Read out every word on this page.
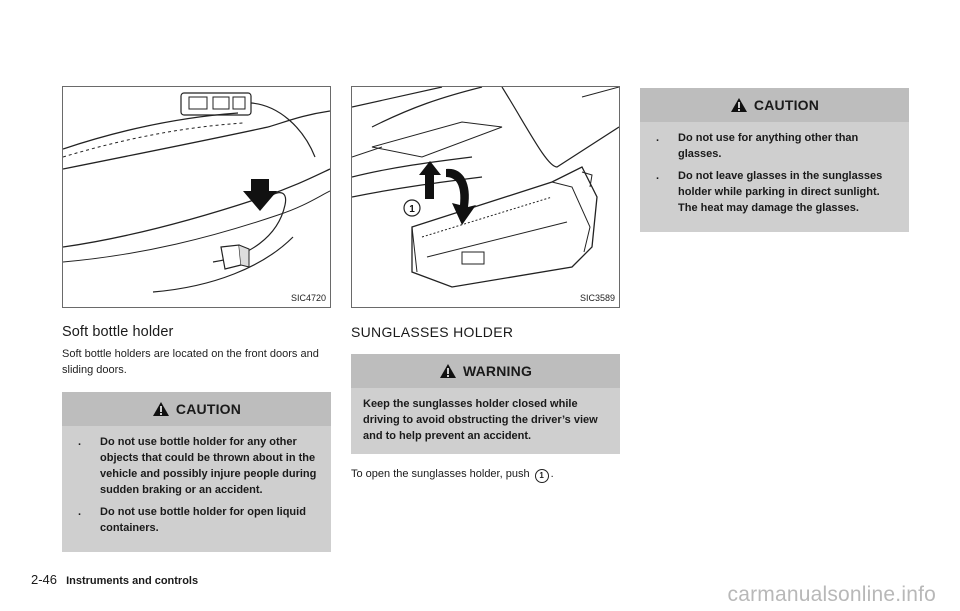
SIC4720
Soft bottle holder

Soft bottle holders are located on the front doors and sliding doors.

CAUTION
. Do not use bottle holder for any other objects that could be thrown about in the vehicle and possibly injure people during sudden braking or an accident.
. Do not use bottle holder for open liquid containers.
1
SIC3589
SUNGLASSES HOLDER
WARNING

Keep the sunglasses holder closed while driving to avoid obstructing the driver’s view and to help prevent an accident.

To open the sunglasses holder, push 1 .
CAUTION
. Do not use for anything other than glasses.
. Do not leave glasses in the sunglasses holder while parking in direct sunlight. The heat may damage the glasses.
2-46 Instruments and controls
carmanualsonline.info
